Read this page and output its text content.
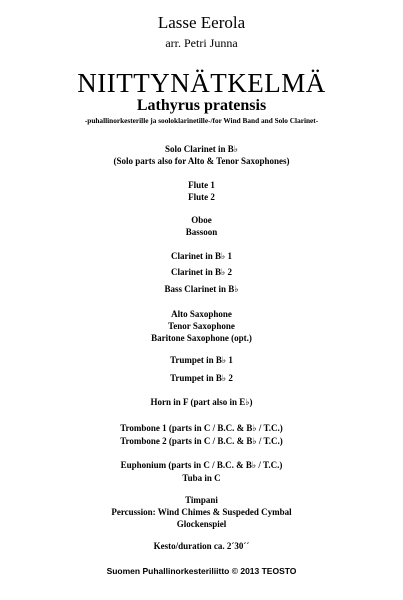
Lasse Eerola
arr. Petri Junna
NIITTYNÄTKELMÄ
Lathyrus pratensis
-puhallinorkesterille ja sooloklarinetille-/for Wind Band and Solo Clarinet-
Solo Clarinet in B♭
(Solo parts also for Alto & Tenor Saxophones)
Flute 1
Flute 2
Oboe
Bassoon
Clarinet in B♭ 1
Clarinet in B♭ 2
Bass Clarinet in B♭
Alto Saxophone
Tenor Saxophone
Baritone Saxophone (opt.)
Trumpet in B♭ 1
Trumpet in B♭ 2
Horn in F (part also in E♭)
Trombone 1 (parts in C / B.C. & B♭ / T.C.)
Trombone 2 (parts in C / B.C. & B♭ / T.C.)
Euphonium (parts in C / B.C. & B♭ / T.C.)
Tuba in C
Timpani
Percussion: Wind Chimes & Suspeded Cymbal
Glockenspiel
Kesto/duration ca. 2´30´´
Suomen Puhallinorkesteriliitto © 2013 TEOSTO
